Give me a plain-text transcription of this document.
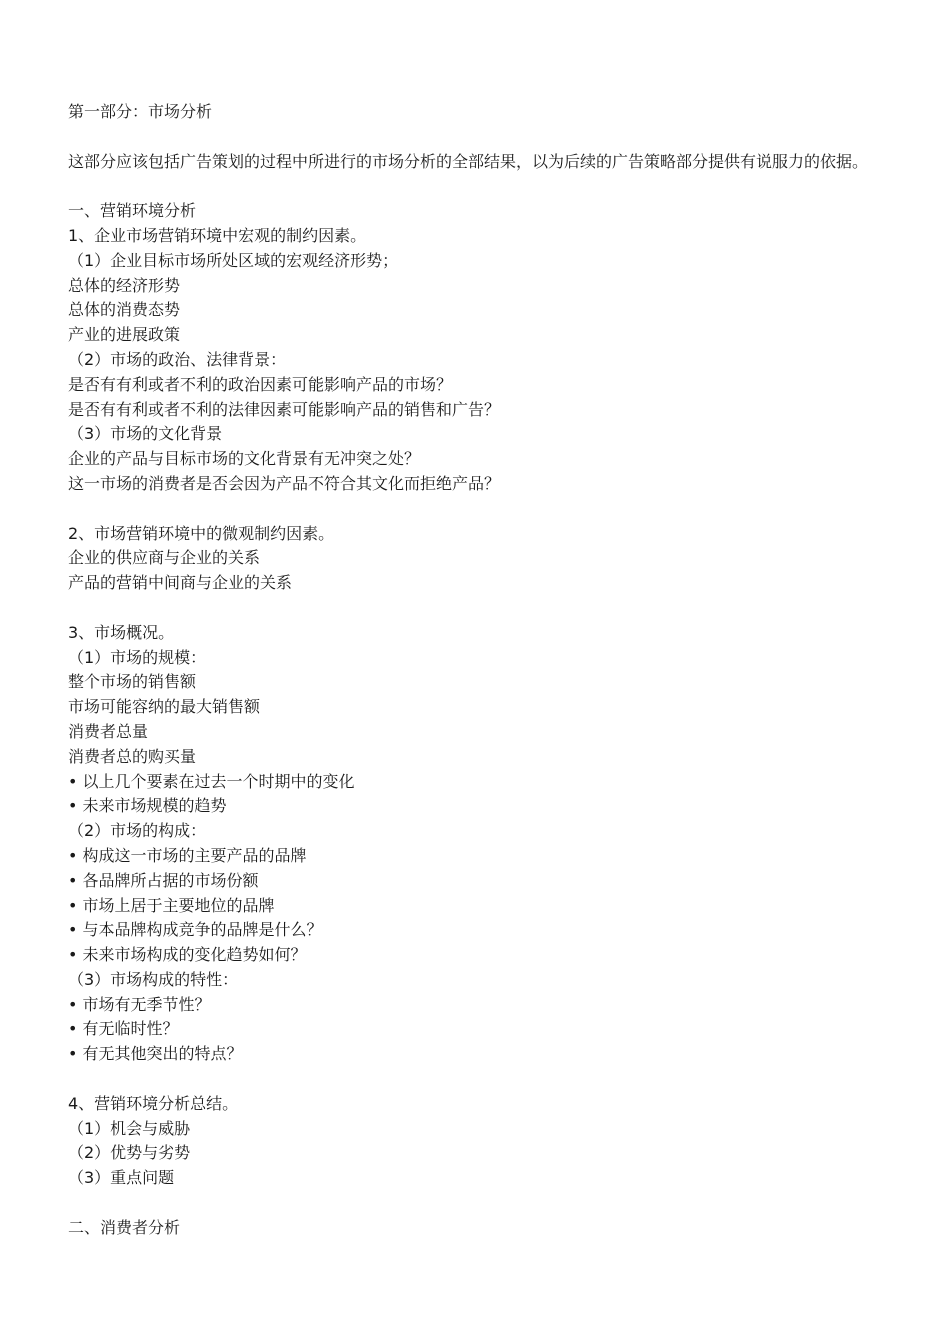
第一部分：市场分析
这部分应该包括广告策划的过程中所进行的市场分析的全部结果，以为后续的广告策略部分提供有说服力的依据。
一、营销环境分析
1、企业市场营销环境中宏观的制约因素。
（1）企业目标市场所处区域的宏观经济形势；
总体的经济形势
总体的消费态势
产业的进展政策
（2）市场的政治、法律背景：
是否有有利或者不利的政治因素可能影响产品的市场？
是否有有利或者不利的法律因素可能影响产品的销售和广告？
（3）市场的文化背景
企业的产品与目标市场的文化背景有无冲突之处？
这一市场的消费者是否会因为产品不符合其文化而拒绝产品？
2、市场营销环境中的微观制约因素。
企业的供应商与企业的关系
产品的营销中间商与企业的关系
3、市场概况。
（1）市场的规模：
整个市场的销售额
市场可能容纳的最大销售额
消费者总量
消费者总的购买量
• 以上几个要素在过去一个时期中的变化
• 未来市场规模的趋势
（2）市场的构成：
• 构成这一市场的主要产品的品牌
• 各品牌所占据的市场份额
• 市场上居于主要地位的品牌
• 与本品牌构成竞争的品牌是什么？
• 未来市场构成的变化趋势如何？
（3）市场构成的特性：
• 市场有无季节性？
• 有无临时性？
• 有无其他突出的特点？
4、营销环境分析总结。
（1）机会与威胁
（2）优势与劣势
（3）重点问题
二、消费者分析
